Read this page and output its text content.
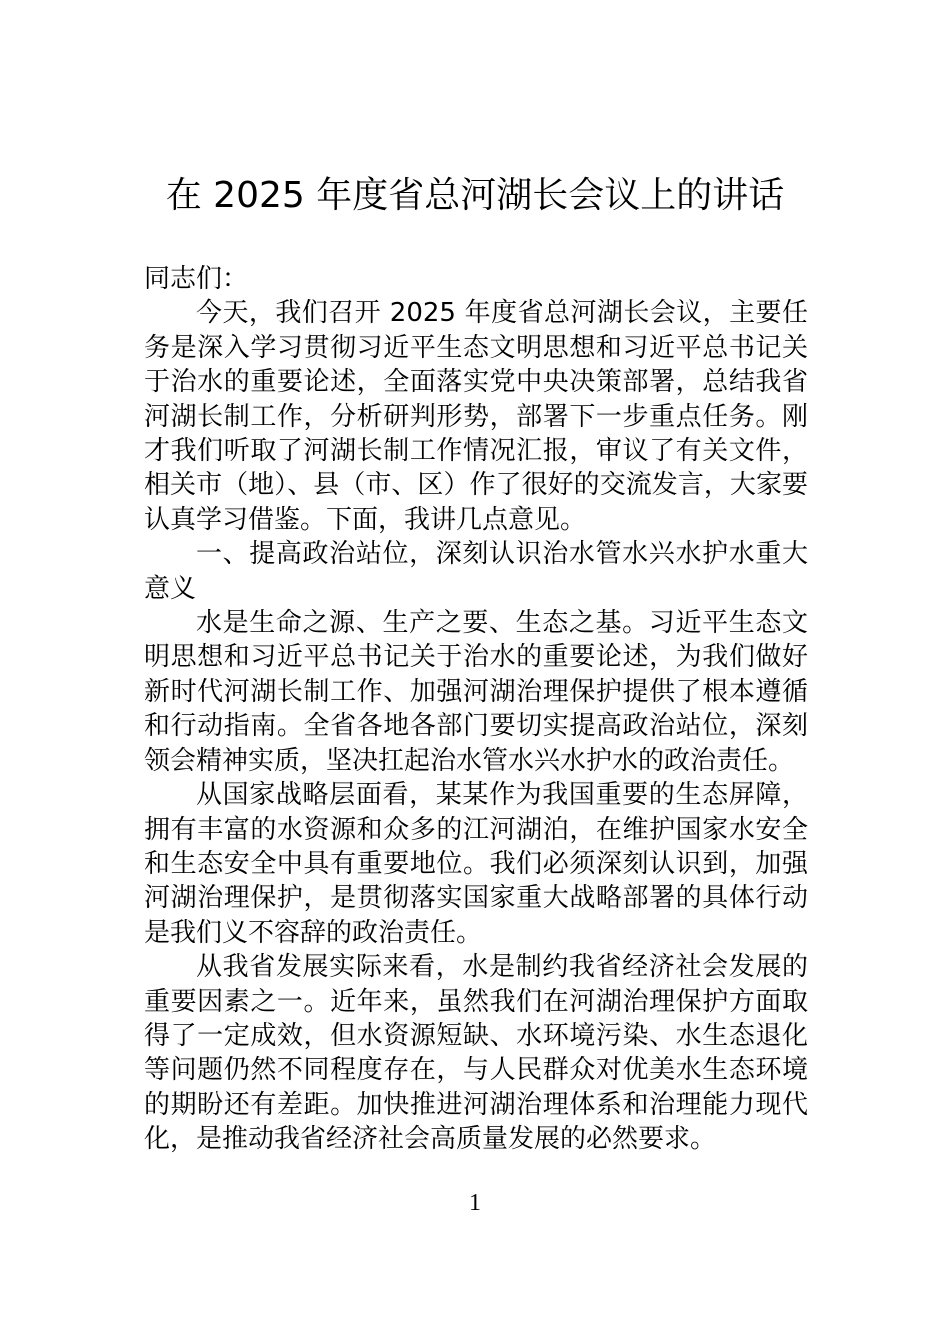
在 2025 年度省总河湖长会议上的讲话

同志们：

今天，我们召开 2025 年度省总河湖长会议，主要任务是深入学习贯彻习近平生态文明思想和习近平总书记关于治水的重要论述，全面落实党中央决策部署，总结我省河湖长制工作，分析研判形势，部署下一步重点任务。刚才我们听取了河湖长制工作情况汇报，审议了有关文件，相关市（地）、县（市、区）作了很好的交流发言，大家要认真学习借鉴。下面，我讲几点意见。

一、提高政治站位，深刻认识治水管水兴水护水重大意义

水是生命之源、生产之要、生态之基。习近平生态文明思想和习近平总书记关于治水的重要论述，为我们做好新时代河湖长制工作、加强河湖治理保护提供了根本遵循和行动指南。全省各地各部门要切实提高政治站位，深刻领会精神实质，坚决扛起治水管水兴水护水的政治责任。

从国家战略层面看，某某作为我国重要的生态屏障，拥有丰富的水资源和众多的江河湖泊，在维护国家水安全和生态安全中具有重要地位。我们必须深刻认识到，加强河湖治理保护，是贯彻落实国家重大战略部署的具体行动是我们义不容辞的政治责任。

从我省发展实际来看，水是制约我省经济社会发展的重要因素之一。近年来，虽然我们在河湖治理保护方面取得了一定成效，但水资源短缺、水环境污染、水生态退化等问题仍然不同程度存在，与人民群众对优美水生态环境的期盼还有差距。加快推进河湖治理体系和治理能力现代化，是推动我省经济社会高质量发展的必然要求。

1
